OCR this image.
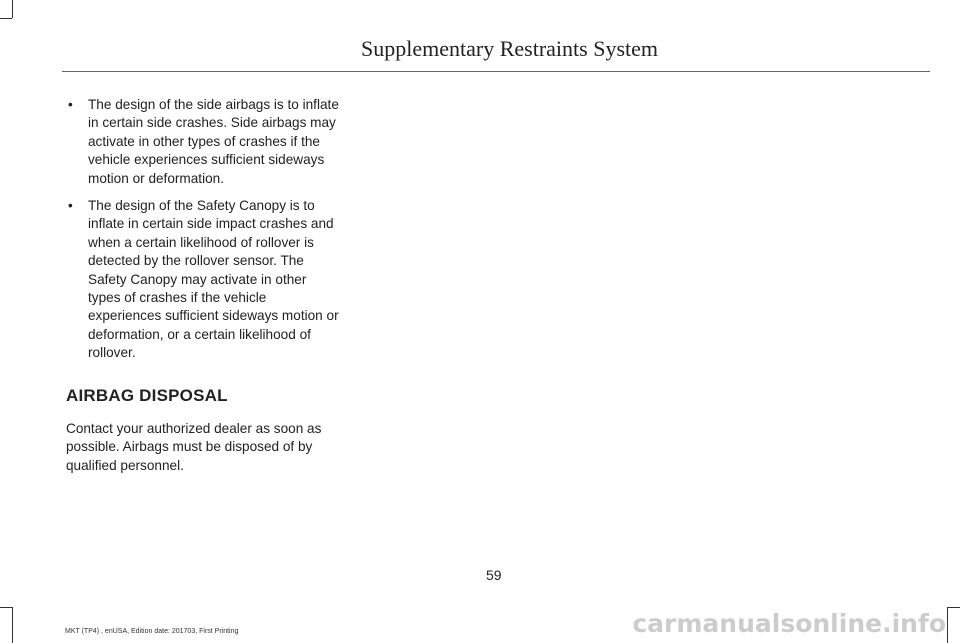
Supplementary Restraints System
• The design of the side airbags is to inflate in certain side crashes. Side airbags may activate in other types of crashes if the vehicle experiences sufficient sideways motion or deformation.
• The design of the Safety Canopy is to inflate in certain side impact crashes and when a certain likelihood of rollover is detected by the rollover sensor. The Safety Canopy may activate in other types of crashes if the vehicle experiences sufficient sideways motion or deformation, or a certain likelihood of rollover.
AIRBAG DISPOSAL

Contact your authorized dealer as soon as possible. Airbags must be disposed of by qualified personnel.

59
MKT (TP4) , enUSA, Edition date: 201703, First Printing	carmanualsonline.info
